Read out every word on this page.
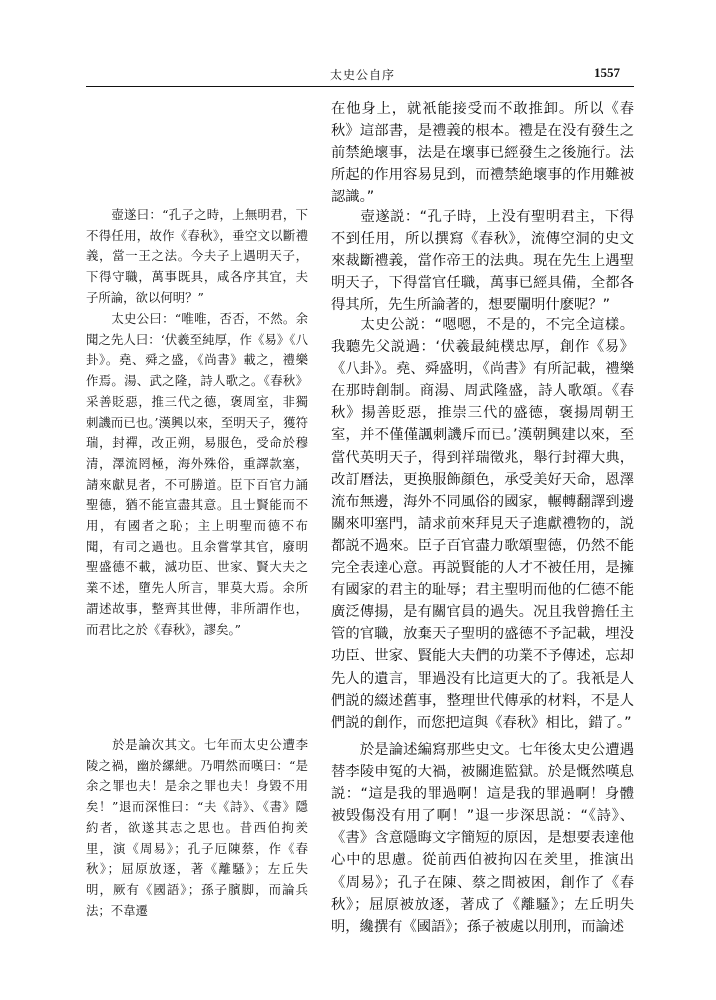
太史公自序	1557

　　壺遂曰：“孔子之時，上無明君，下不得任用，故作《春秋》，垂空文以斷禮義，當一王之法。今夫子上遇明天子，下得守職，萬事既具，咸各序其宜，夫子所論，欲以何明？”

　　太史公曰：“唯唯，否否，不然。余聞之先人曰：‘伏羲至純厚，作《易》《八卦》。堯、舜之盛，《尚書》載之，禮樂作焉。湯、武之隆，詩人歌之。《春秋》采善貶惡，推三代之德，褒周室，非獨刺譏而已也。’漢興以來，至明天子，獲符瑞，封禪，改正朔，易服色，受命於穆清，澤流罔極，海外殊俗，重譯款塞，請來獻見者，不可勝道。臣下百官力誦聖德，猶不能宣盡其意。且士賢能而不用，有國者之恥；主上明聖而德不布聞，有司之過也。且余嘗掌其官，廢明聖盛德不載，滅功臣、世家、賢大夫之業不述，墮先人所言，罪莫大焉。余所謂述故事，整齊其世傳，非所謂作也，而君比之於《春秋》，謬矣。”

　　於是論次其文。七年而太史公遭李陵之禍，幽於縲紲。乃喟然而嘆曰：“是余之罪也夫！是余之罪也夫！身毀不用矣！”退而深惟曰：“夫《詩》、《書》隱約者，欲遂其志之思也。昔西伯拘羑里，演《周易》；孔子厄陳蔡，作《春秋》；屈原放逐，著《離騷》；左丘失明，厥有《國語》；孫子臏脚，而論兵法；不韋遷

在他身上，就衹能接受而不敢推卸。所以《春秋》這部書，是禮義的根本。禮是在没有發生之前禁絶壞事，法是在壞事已經發生之後施行。法所起的作用容易見到，而禮禁絶壞事的作用難被認識。”

　　壺遂説：“孔子時，上没有聖明君主，下得不到任用，所以撰寫《春秋》，流傳空洞的史文來裁斷禮義，當作帝王的法典。現在先生上遇聖明天子，下得當官任職，萬事已經具備，全都各得其所，先生所論著的，想要闡明什麽呢？”

　　太史公説：“嗯嗯，不是的，不完全這樣。我聽先父説過：‘伏羲最純樸忠厚，創作《易》《八卦》。堯、舜盛明，《尚書》有所記載，禮樂在那時創制。商湯、周武隆盛，詩人歌頌。《春秋》揚善貶惡，推崇三代的盛德，褒揚周朝王室，并不僅僅諷刺譏斥而已。’漢朝興建以來，至當代英明天子，得到祥瑞徵兆，舉行封禪大典，改訂曆法，更换服飾顔色，承受美好天命，恩澤流布無邊，海外不同風俗的國家，輾轉翻譯到邊關來叩塞門，請求前來拜見天子進獻禮物的，説都説不過來。臣子百官盡力歌頌聖德，仍然不能完全表達心意。再説賢能的人才不被任用，是擁有國家的君主的耻辱；君主聖明而他的仁德不能廣泛傳揚，是有關官員的過失。况且我曾擔任主管的官職，放棄天子聖明的盛德不予記載，埋没功臣、世家、賢能大夫們的功業不予傳述，忘却先人的遺言，罪過没有比這更大的了。我衹是人們説的綴述舊事，整理世代傳承的材料，不是人們説的創作，而您把這與《春秋》相比，錯了。”

　　於是論述編寫那些史文。七年後太史公遭遇替李陵申冤的大禍，被關進監獄。於是慨然嘆息説：“這是我的罪過啊！這是我的罪過啊！身體被毁傷没有用了啊！”退一步深思説：“《詩》、《書》含意隱晦文字簡短的原因，是想要表達他心中的思慮。從前西伯被拘囚在羑里，推演出《周易》；孔子在陳、蔡之間被困，創作了《春秋》；屈原被放逐，著成了《離騷》；左丘明失明，纔撰有《國語》；孫子被處以刖刑，而論述
